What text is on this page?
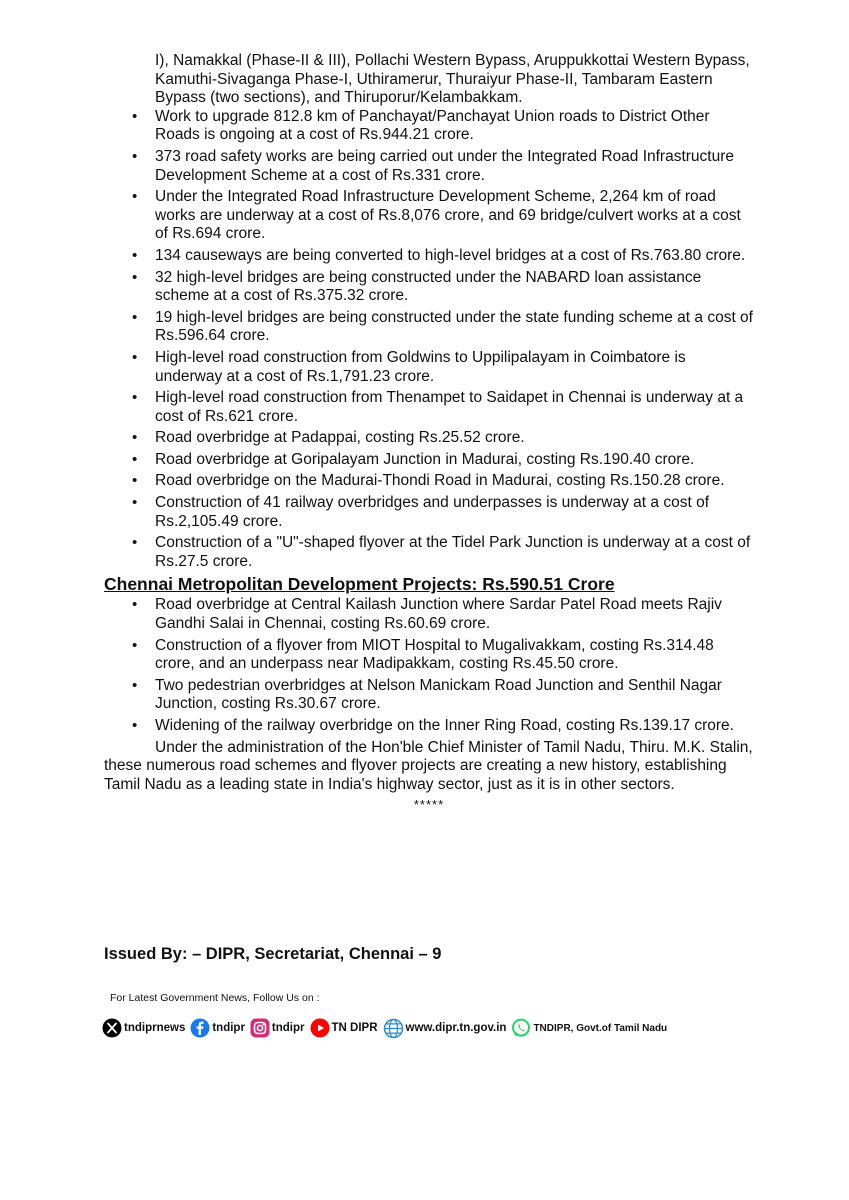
I), Namakkal (Phase-II & III), Pollachi Western Bypass, Aruppukkottai Western Bypass, Kamuthi-Sivaganga Phase-I, Uthiramerur, Thuraiyur Phase-II, Tambaram Eastern Bypass (two sections), and Thiruporur/Kelambakkam.

• Work to upgrade 812.8 km of Panchayat/Panchayat Union roads to District Other Roads is ongoing at a cost of Rs.944.21 crore.
• 373 road safety works are being carried out under the Integrated Road Infrastructure Development Scheme at a cost of Rs.331 crore.
• Under the Integrated Road Infrastructure Development Scheme, 2,264 km of road works are underway at a cost of Rs.8,076 crore, and 69 bridge/culvert works at a cost of Rs.694 crore.
• 134 causeways are being converted to high-level bridges at a cost of Rs.763.80 crore.
• 32 high-level bridges are being constructed under the NABARD loan assistance scheme at a cost of Rs.375.32 crore.
• 19 high-level bridges are being constructed under the state funding scheme at a cost of Rs.596.64 crore.
• High-level road construction from Goldwins to Uppilipalayam in Coimbatore is underway at a cost of Rs.1,791.23 crore.
• High-level road construction from Thenampet to Saidapet in Chennai is underway at a cost of Rs.621 crore.
• Road overbridge at Padappai, costing Rs.25.52 crore.
• Road overbridge at Goripalayam Junction in Madurai, costing Rs.190.40 crore.
• Road overbridge on the Madurai-Thondi Road in Madurai, costing Rs.150.28 crore.
• Construction of 41 railway overbridges and underpasses is underway at a cost of Rs.2,105.49 crore.
• Construction of a "U"-shaped flyover at the Tidel Park Junction is underway at a cost of Rs.27.5 crore.
Chennai Metropolitan Development Projects: Rs.590.51 Crore
• Road overbridge at Central Kailash Junction where Sardar Patel Road meets Rajiv Gandhi Salai in Chennai, costing Rs.60.69 crore.
• Construction of a flyover from MIOT Hospital to Mugalivakkam, costing Rs.314.48 crore, and an underpass near Madipakkam, costing Rs.45.50 crore.
• Two pedestrian overbridges at Nelson Manickam Road Junction and Senthil Nagar Junction, costing Rs.30.67 crore.
• Widening of the railway overbridge on the Inner Ring Road, costing Rs.139.17 crore.

Under the administration of the Hon'ble Chief Minister of Tamil Nadu, Thiru. M.K. Stalin, these numerous road schemes and flyover projects are creating a new history, establishing Tamil Nadu as a leading state in India's highway sector, just as it is in other sectors.

*****

Issued By: – DIPR, Secretariat, Chennai – 9
For Latest Government News, Follow Us on :
tndiprnews tndipr tndipr TN DIPR www.dipr.tn.gov.in	TNDIPR, Govt.of Tamil Nadu
